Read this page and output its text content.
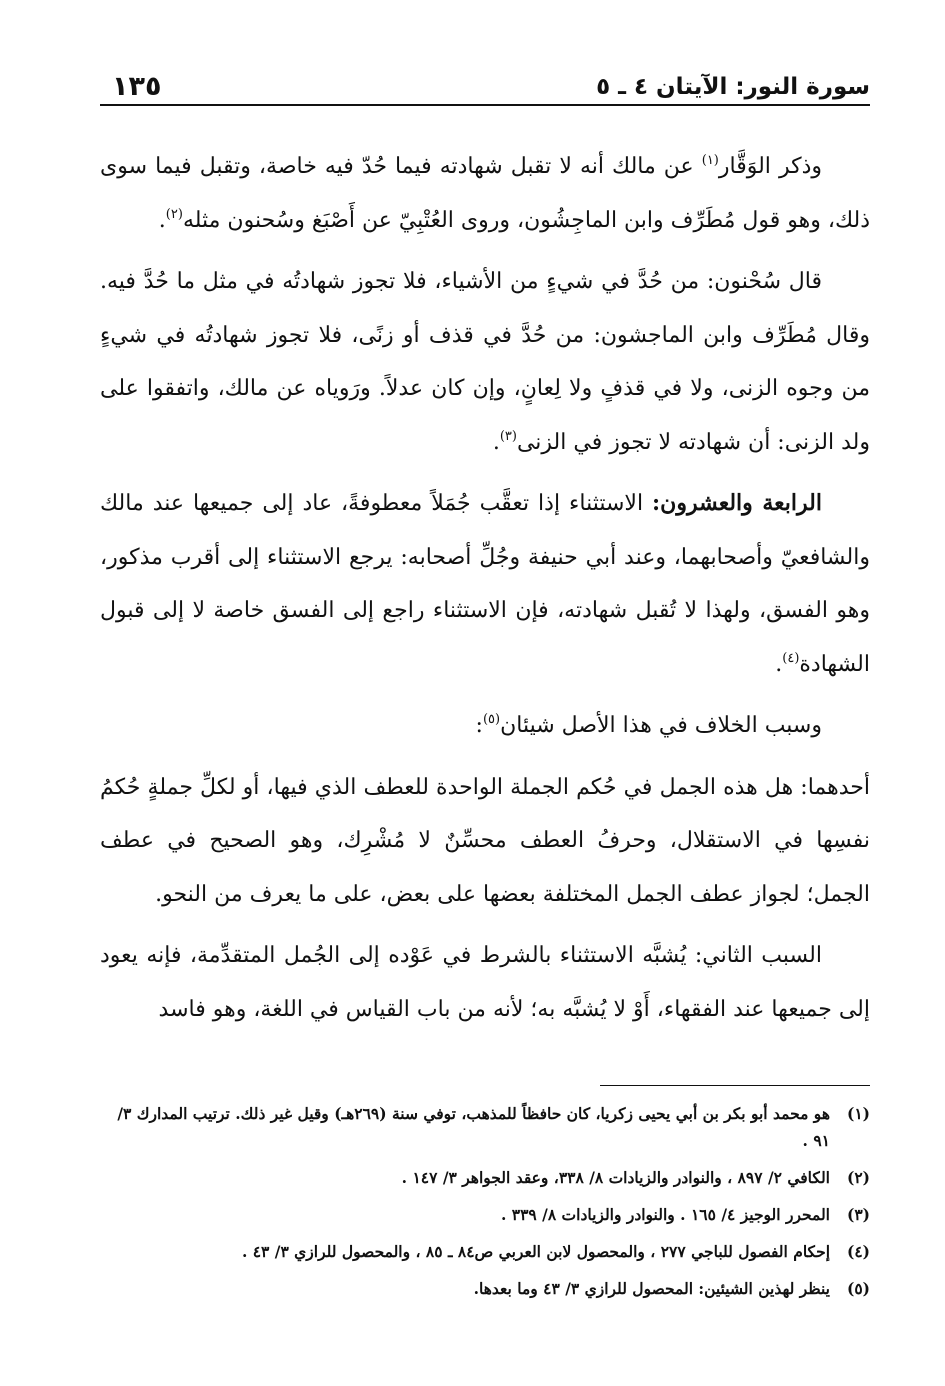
سورة النور: الآيتان ٤ ـ ٥
١٣٥

وذكر الوَقَّار$^{(١)}$ عن مالك أنه لا تقبل شهادته فيما حُدّ فيه خاصة، وتقبل فيما سوى ذلك، وهو قول مُطَرِّف وابن الماجِشُون، وروى العُتْبِيّ عن أَصْبَغ وسُحنون مثله$^{(٢)}$.

قال سُحْنون: من حُدَّ في شيءٍ من الأشياء، فلا تجوز شهادتُه في مثل ما حُدَّ فيه. وقال مُطَرِّف وابن الماجشون: من حُدَّ في قذف أو زنًى، فلا تجوز شهادتُه في شيءٍ من وجوه الزنى، ولا في قذفٍ ولا لِعانٍ، وإن كان عدلاً. ورَوياه عن مالك، واتفقوا على ولد الزنى: أن شهادته لا تجوز في الزنى$^{(٣)}$.

الرابعة والعشرون: الاستثناء إذا تعقَّب جُمَلاً معطوفةً، عاد إلى جميعها عند مالك والشافعيّ وأصحابهما، وعند أبي حنيفة وجُلِّ أصحابه: يرجع الاستثناء إلى أقرب مذكور، وهو الفسق، ولهذا لا تُقبل شهادته، فإن الاستثناء راجع إلى الفسق خاصة لا إلى قبول الشهادة$^{(٤)}$.

وسبب الخلاف في هذا الأصل شيئان$^{(٥)}$:

أحدهما: هل هذه الجمل في حُكم الجملة الواحدة للعطف الذي فيها، أو لكلِّ جملةٍ حُكمُ نفسِها في الاستقلال، وحرفُ العطف محسِّنٌ لا مُشْرِك، وهو الصحيح في عطف الجمل؛ لجواز عطف الجمل المختلفة بعضها على بعض، على ما يعرف من النحو.

السبب الثاني: يُشبَّه الاستثناء بالشرط في عَوْده إلى الجُمل المتقدِّمة، فإنه يعود إلى جميعها عند الفقهاء، أَوْ لا يُشبَّه به؛ لأنه من باب القياس في اللغة، وهو فاسد

(١)
هو محمد أبو بكر بن أبي يحيى زكريا، كان حافظاً للمذهب، توفي سنة (٢٦٩هـ) وقيل غير ذلك. ترتيب المدارك ٣/ ٩١ .
(٢)
الكافي ٢/ ٨٩٧ ، والنوادر والزيادات ٨/ ٣٣٨، وعقد الجواهر ٣/ ١٤٧ .
(٣)
المحرر الوجيز ٤/ ١٦٥ . والنوادر والزيادات ٨/ ٣٣٩ .
(٤)
إحكام الفصول للباجي ٢٧٧ ، والمحصول لابن العربي ص٨٤ ـ ٨٥ ، والمحصول للرازي ٣/ ٤٣ .
(٥)
ينظر لهذين الشيئين: المحصول للرازي ٣/ ٤٣ وما بعدها.
